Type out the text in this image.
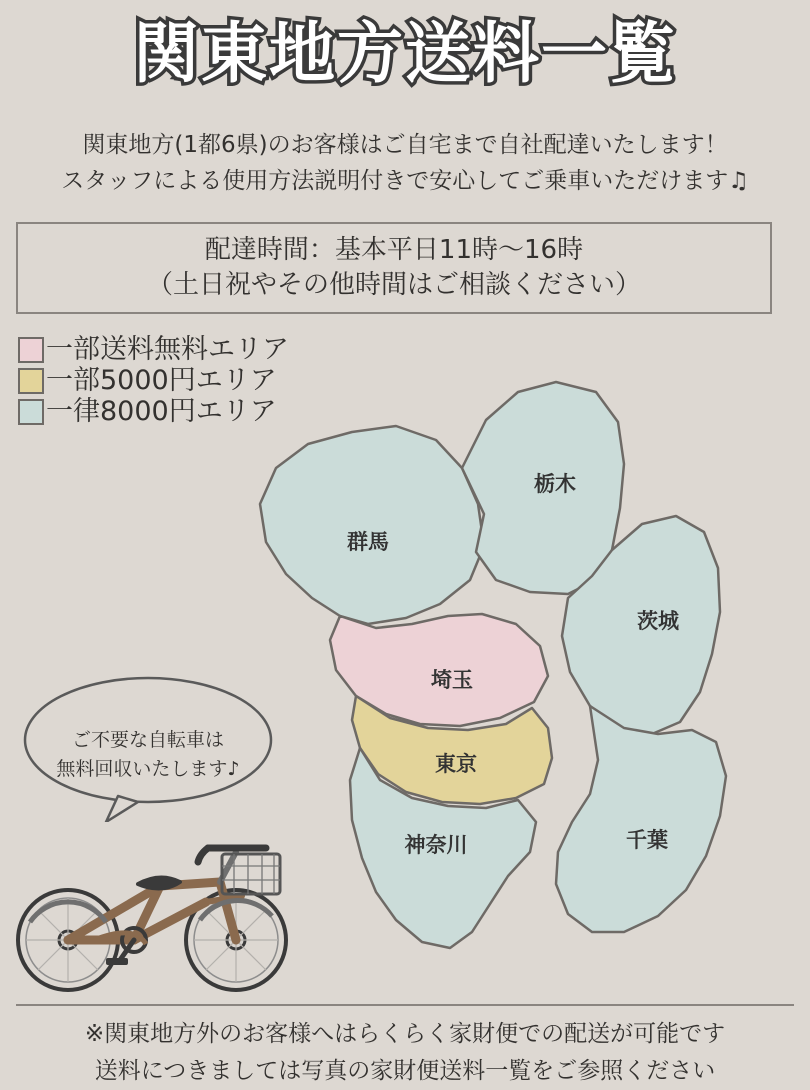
関東地方送料一覧
関東地方(1都6県)のお客様はご自宅まで自社配達いたします！
スタッフによる使用方法説明付きで安心してご乗車いただけます♫
配達時間：基本平日11時〜16時
（土日祝やその他時間はご相談ください）
一部送料無料エリア
一部5000円エリア
一律8000円エリア
栃木
群馬
茨城
埼玉
東京
神奈川	千葉
ご不要な自転車は
無料回収いたします♪
※関東地方外のお客様へはらくらく家財便での配送が可能です
送料につきましては写真の家財便送料一覧をご参照ください
